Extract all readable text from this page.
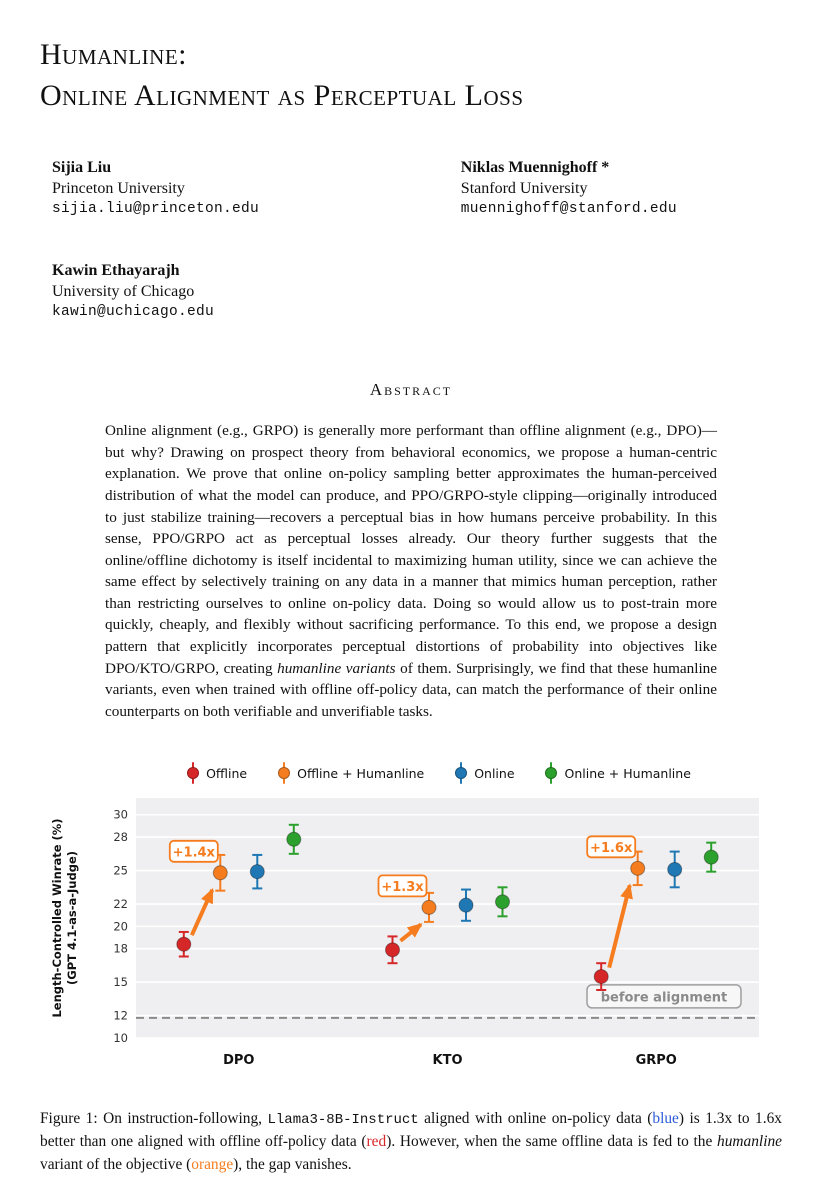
Humanline:
Online Alignment as Perceptual Loss
Sijia Liu
Princeton University
sijia.liu@princeton.edu
Niklas Muennighoff *
Stanford University
muennighoff@stanford.edu
Kawin Ethayarajh
University of Chicago
kawin@uchicago.edu
Abstract

Online alignment (e.g., GRPO) is generally more performant than offline alignment (e.g., DPO)—but why? Drawing on prospect theory from behavioral economics, we propose a human-centric explanation. We prove that online on-policy sampling better approximates the human-perceived distribution of what the model can produce, and PPO/GRPO-style clipping—originally introduced to just stabilize training—recovers a perceptual bias in how humans perceive probability. In this sense, PPO/GRPO act as perceptual losses already. Our theory further suggests that the online/offline dichotomy is itself incidental to maximizing human utility, since we can achieve the same effect by selectively training on any data in a manner that mimics human perception, rather than restricting ourselves to online on-policy data. Doing so would allow us to post-train more quickly, cheaply, and flexibly without sacrificing performance. To this end, we propose a design pattern that explicitly incorporates perceptual distortions of probability into objectives like DPO/KTO/GRPO, creating humanline variants of them. Surprisingly, we find that these humanline variants, even when trained with offline off-policy data, can match the performance of their online counterparts on both verifiable and unverifiable tasks.

Offline	Offline + Humanline	Online	Online + Humanline
10
12
15
18
20
22
25
28
30
before alignment
+1.4x
+1.3x
+1.6x
DPO	KTO	GRPO
Length-Controlled Winrate (%) (GPT 4.1-as-a-Judge)
Figure 1: On instruction-following, Llama3-8B-Instruct aligned with online on-policy data (blue) is 1.3x to 1.6x better than one aligned with offline off-policy data (red). However, when the same offline data is fed to the humanline variant of the objective (orange), the gap vanishes.
